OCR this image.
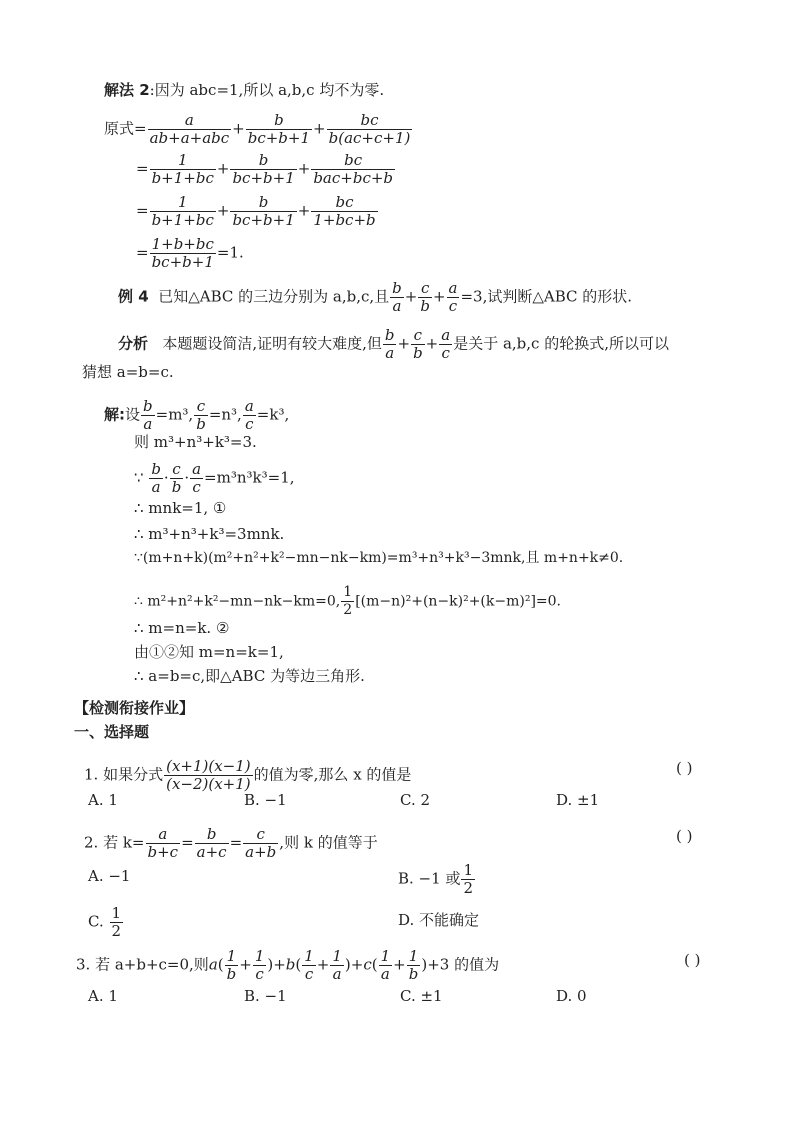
解法 2:因为 abc=1,所以 a,b,c 均不为零.
原式= $\frac{a}{\text{ab+a+abc}} + \frac{b}{bc+b+1} + \frac{bc}{b(ac+c+1)}$
= $\frac{1}{b+1+bc} + \frac{b}{bc+b+1} + \frac{bc}{\text{bac+bc+b}}$
= $\frac{1}{b+1+bc} + \frac{b}{bc+b+1} + \frac{bc}{1+bc+b}$
= $\frac{1+b+bc}{bc+b+1} =1$.
例 4 已知△ABC 的三边分别为 a,b,c,且 $\frac{b}{a} + \frac{c}{b} + \frac{a}{c} =3$,试判断△ABC 的形状.
分析 本题题设简洁,证明有较大难度,但 $\frac{b}{a} + \frac{c}{b} + \frac{a}{c}$ 是关于 a,b,c 的轮换式,所以可以
猜想 a=b=c.
解:设 $\frac{b}{a} =m^3$, $\frac{c}{b} =n^3$, $\frac{a}{c} =k^3$,
则 m³+n³+k³=3.
∵ $\frac{b}{a} \cdot \frac{c}{b} \cdot \frac{a}{c} =m^3n^3k^3=1$,
∴ mnk=1, ①
∴ m³+n³+k³=3mnk.
∵(m+n+k)(m²+n²+k²−mn−nk−km)=m³+n³+k³−3mnk,且 m+n+k≠0.
∴ m²+n²+k²−mn−nk−km=0, $\frac{1}{2} [(m-n)^2+(n-k)^2+(k-m)^2]=0$.
∴ m=n=k. ②
由①②知 m=n=k=1,
∴ a=b=c,即△ABC 为等边三角形.
【检测衔接作业】
一、选择题
1. 如果分式 $\frac{(x+1)(x-1)}{(x-2)(x+1)}$ 的值为零,那么 x 的值是	( )
A. 1	B. −1	C. 2	D. ±1
2. 若 $k= \frac{a}{b+c} = \frac{b}{a+c} = \frac{c}{a+b}$ ,则 k 的值等于	( )
A. −1	B. −1 或 $\frac{1}{2}$
C. $\frac{1}{2}$	D. 不能确定
3. 若 a+b+c=0,则$a( \frac{1}{b} + \frac{1}{c} )+b( \frac{1}{c} + \frac{1}{a} )+c( \frac{1}{a} + \frac{1}{b} )+3$ 的值为	( )
A. 1	B. −1	C. ±1	D. 0
